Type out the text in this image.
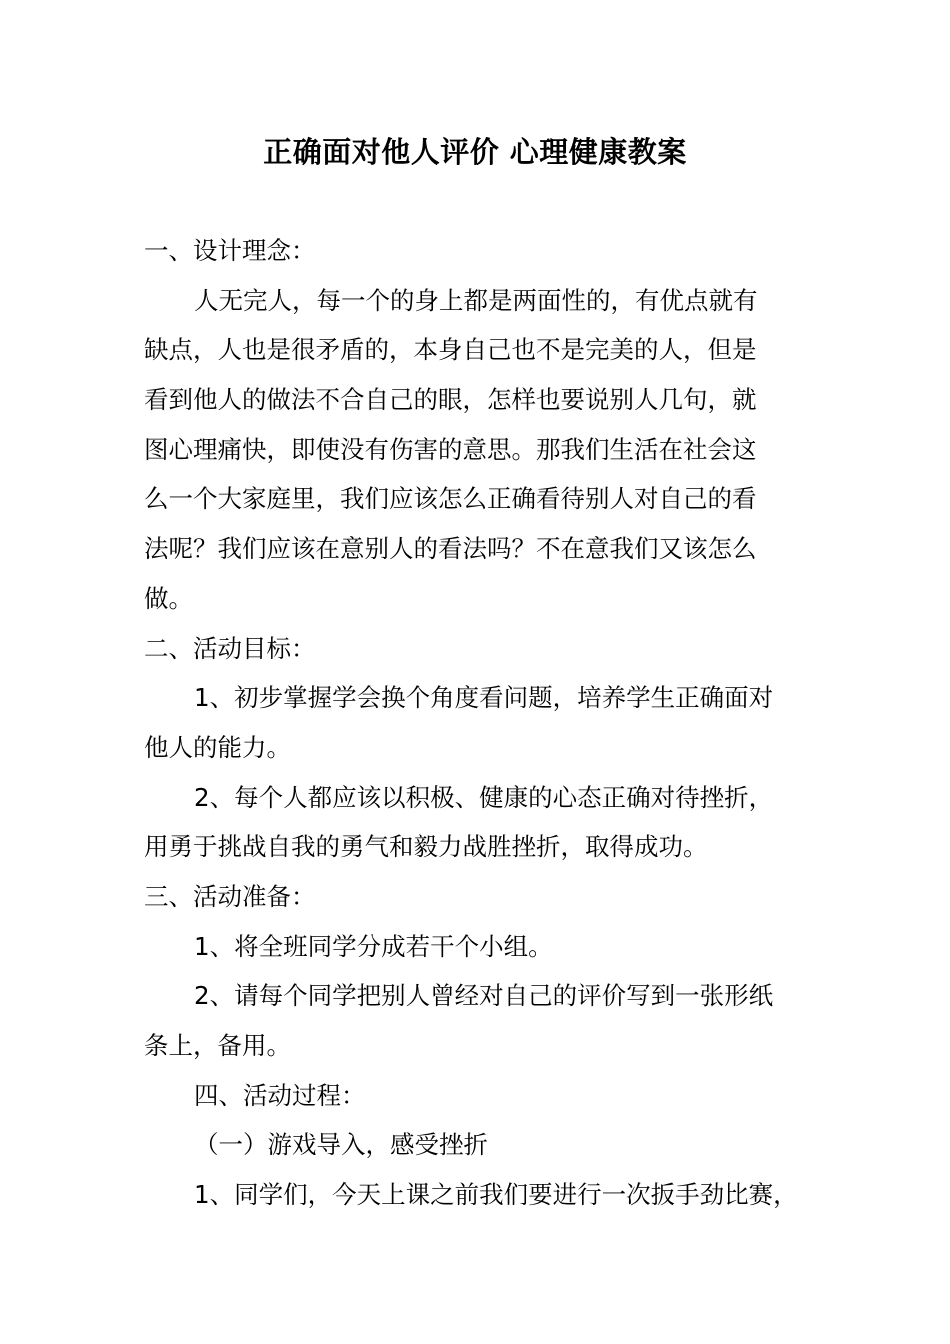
正确面对他人评价 心理健康教案
一、设计理念：
人无完人，每一个的身上都是两面性的，有优点就有
缺点，人也是很矛盾的，本身自己也不是完美的人，但是
看到他人的做法不合自己的眼，怎样也要说别人几句，就
图心理痛快，即使没有伤害的意思。那我们生活在社会这
么一个大家庭里，我们应该怎么正确看待别人对自己的看
法呢？我们应该在意别人的看法吗？不在意我们又该怎么
做。
二、活动目标：
1、初步掌握学会换个角度看问题，培养学生正确面对
他人的能力。
2、每个人都应该以积极、健康的心态正确对待挫折，
用勇于挑战自我的勇气和毅力战胜挫折，取得成功。
三、活动准备：
1、将全班同学分成若干个小组。
2、请每个同学把别人曾经对自己的评价写到一张形纸
条上，备用。
四、活动过程：
（一）游戏导入，感受挫折
1、同学们，今天上课之前我们要进行一次扳手劲比赛，
